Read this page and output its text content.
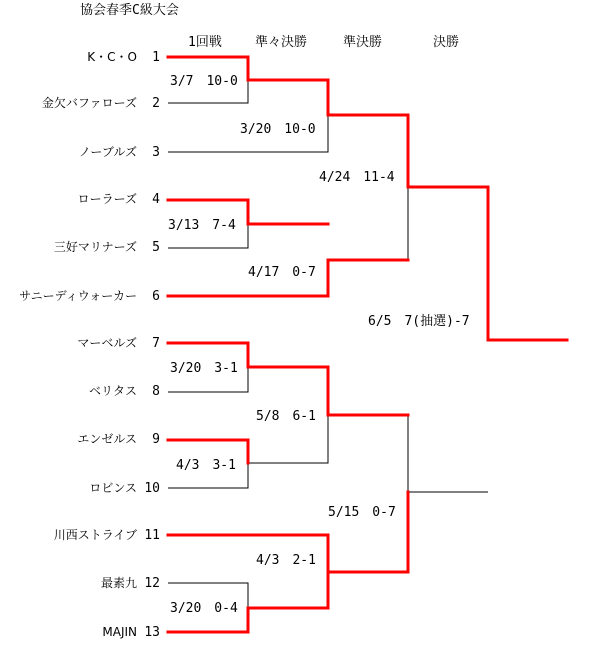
協会春季C級大会
1回戦	準々決勝	準決勝	決勝
K・C・O
金欠バファローズ
ノーブルズ
ローラーズ
三好マリナーズ
サニーディウォーカー
マーベルズ
ベリタス
エンゼルス
ロビンス
川西ストライブ
最素九
MAJIN
1
2
3
4
5
6
7
8
9
10
11
12
13
3/7　10-0
3/20　10-0
4/24　11-4
3/13　7-4
4/17　0-7
6/5　7(抽選)-7
3/20　3-1
5/8　6-1
4/3　3-1
5/15　0-7
4/3　2-1
3/20　0-4
